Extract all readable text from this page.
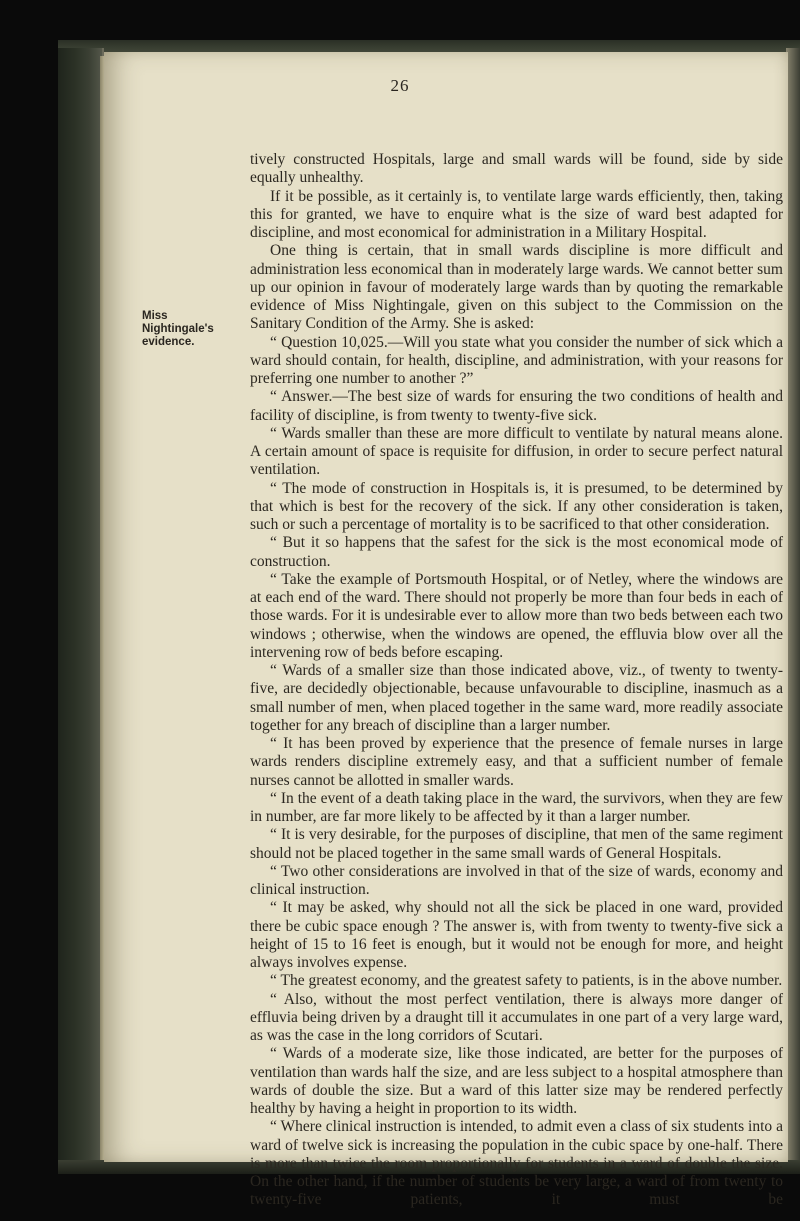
26
Miss Nightingale's evidence.

tively constructed Hospitals, large and small wards will be found, side by side equally unhealthy.

If it be possible, as it certainly is, to ventilate large wards efficiently, then, taking this for granted, we have to enquire what is the size of ward best adapted for discipline, and most economical for administration in a Military Hospital.

One thing is certain, that in small wards discipline is more difficult and administration less economical than in moderately large wards. We cannot better sum up our opinion in favour of moderately large wards than by quoting the remarkable evidence of Miss Nightingale, given on this subject to the Commission on the Sanitary Condition of the Army. She is asked:

“ Question 10,025.—Will you state what you consider the number of sick which a ward should contain, for health, discipline, and administration, with your reasons for preferring one number to another ?”

“ Answer.—The best size of wards for ensuring the two conditions of health and facility of discipline, is from twenty to twenty-five sick.

“ Wards smaller than these are more difficult to ventilate by natural means alone. A certain amount of space is requisite for diffusion, in order to secure perfect natural ventilation.

“ The mode of construction in Hospitals is, it is presumed, to be determined by that which is best for the recovery of the sick. If any other consideration is taken, such or such a percentage of mortality is to be sacrificed to that other consideration.

“ But it so happens that the safest for the sick is the most economical mode of construction.

“ Take the example of Portsmouth Hospital, or of Netley, where the windows are at each end of the ward. There should not properly be more than four beds in each of those wards. For it is undesirable ever to allow more than two beds between each two windows ; otherwise, when the windows are opened, the effluvia blow over all the intervening row of beds before escaping.

“ Wards of a smaller size than those indicated above, viz., of twenty to twenty-five, are decidedly objectionable, because unfavourable to discipline, inasmuch as a small number of men, when placed together in the same ward, more readily associate together for any breach of discipline than a larger number.

“ It has been proved by experience that the presence of female nurses in large wards renders discipline extremely easy, and that a sufficient number of female nurses cannot be allotted in smaller wards.

“ In the event of a death taking place in the ward, the survivors, when they are few in number, are far more likely to be affected by it than a larger number.

“ It is very desirable, for the purposes of discipline, that men of the same regiment should not be placed together in the same small wards of General Hospitals.

“ Two other considerations are involved in that of the size of wards, economy and clinical instruction.

“ It may be asked, why should not all the sick be placed in one ward, provided there be cubic space enough ? The answer is, with from twenty to twenty-five sick a height of 15 to 16 feet is enough, but it would not be enough for more, and height always involves expense.

“ The greatest economy, and the greatest safety to patients, is in the above number.

“ Also, without the most perfect ventilation, there is always more danger of effluvia being driven by a draught till it accumulates in one part of a very large ward, as was the case in the long corridors of Scutari.

“ Wards of a moderate size, like those indicated, are better for the purposes of ventilation than wards half the size, and are less subject to a hospital atmosphere than wards of double the size. But a ward of this latter size may be rendered perfectly healthy by having a height in proportion to its width.

“ Where clinical instruction is intended, to admit even a class of six students into a ward of twelve sick is increasing the population in the cubic space by one-half. There is more than twice the room proportionally for students in a ward of double the size. On the other hand, if the number of students be very large, a ward of from twenty to twenty-five patients, it must be
